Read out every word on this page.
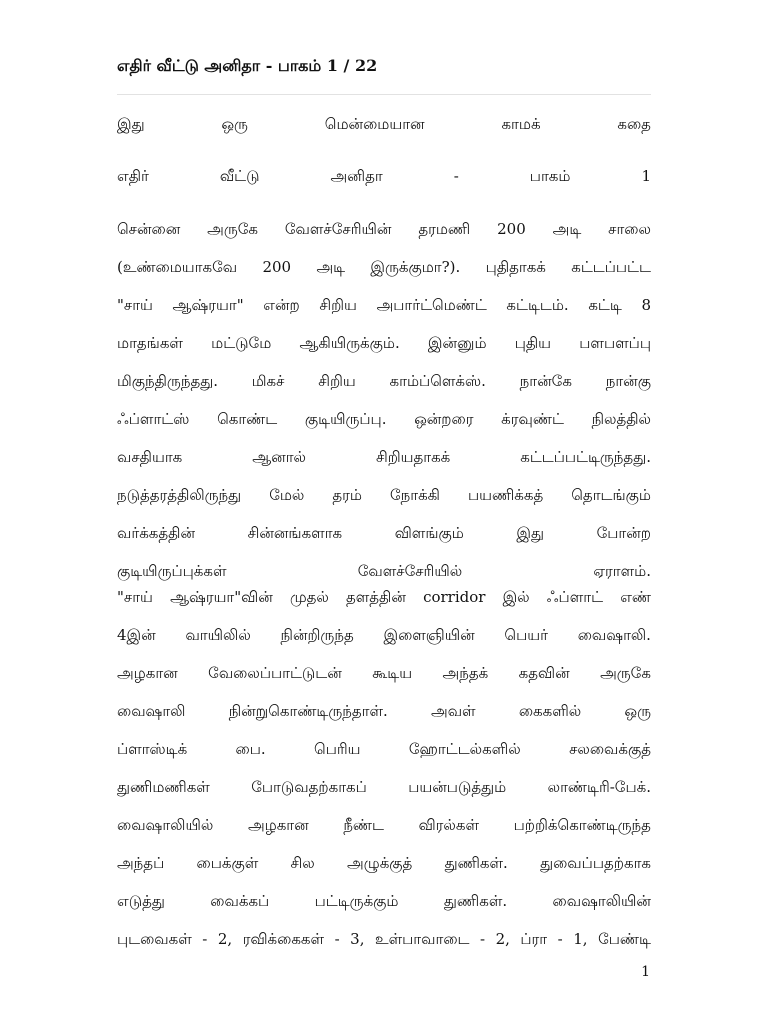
எதிர் வீட்டு அனிதா - பாகம் 1 / 22
இது	ஒரு	மென்மையான	காமக்	கதை
எதிர்	வீட்டு	அனிதா	-	பாகம்	1
சென்னை அருகே வேளச்சேரியின் தரமணி 200 அடி சாலை
(உண்மையாகவே 200 அடி இருக்குமா?). புதிதாகக் கட்டப்பட்ட
"சாய் ஆஷ்ரயா" என்ற சிறிய அபார்ட்மெண்ட் கட்டிடம். கட்டி 8
மாதங்கள் மட்டுமே ஆகியிருக்கும். இன்னும் புதிய பளபளப்பு
மிகுந்திருந்தது. மிகச் சிறிய காம்ப்ளெக்ஸ். நான்கே நான்கு
ஃப்ளாட்ஸ் கொண்ட குடியிருப்பு. ஒன்றரை க்ரவுண்ட் நிலத்தில்
வசதியாக	ஆனால்	சிறியதாகக்	கட்டப்பட்டிருந்தது.
நடுத்தரத்திலிருந்து மேல் தரம் நோக்கி பயணிக்கத் தொடங்கும்
வர்க்கத்தின்	சின்னங்களாக	விளங்கும்	இது	போன்ற
குடியிருப்புக்கள்	வேளச்சேரியில்	ஏராளம்.
"சாய் ஆஷ்ரயா"வின் முதல் தளத்தின் corridor இல் ஃப்ளாட் எண்
4இன் வாயிலில் நின்றிருந்த இளைஞியின் பெயர் வைஷாலி.
அழகான வேலைப்பாட்டுடன் கூடிய அந்தக் கதவின் அருகே
வைஷாலி	நின்றுகொண்டிருந்தாள்.	அவள்	கைகளில்	ஒரு
ப்ளாஸ்டிக்	பை.	பெரிய	ஹோட்டல்களில்	சலவைக்குத்
துணிமணிகள்	போடுவதற்காகப்	பயன்படுத்தும்	லாண்டிரி-பேக்.
வைஷாலியில் அழகான நீண்ட விரல்கள் பற்றிக்கொண்டிருந்த
அந்தப் பைக்குள் சில அழுக்குத் துணிகள். துவைப்பதற்காக
எடுத்து	வைக்கப்	பட்டிருக்கும்	துணிகள்.	வைஷாலியின்
புடவைகள் - 2, ரவிக்கைகள் - 3, உள்பாவாடை - 2, ப்ரா - 1, பேண்டி
1
